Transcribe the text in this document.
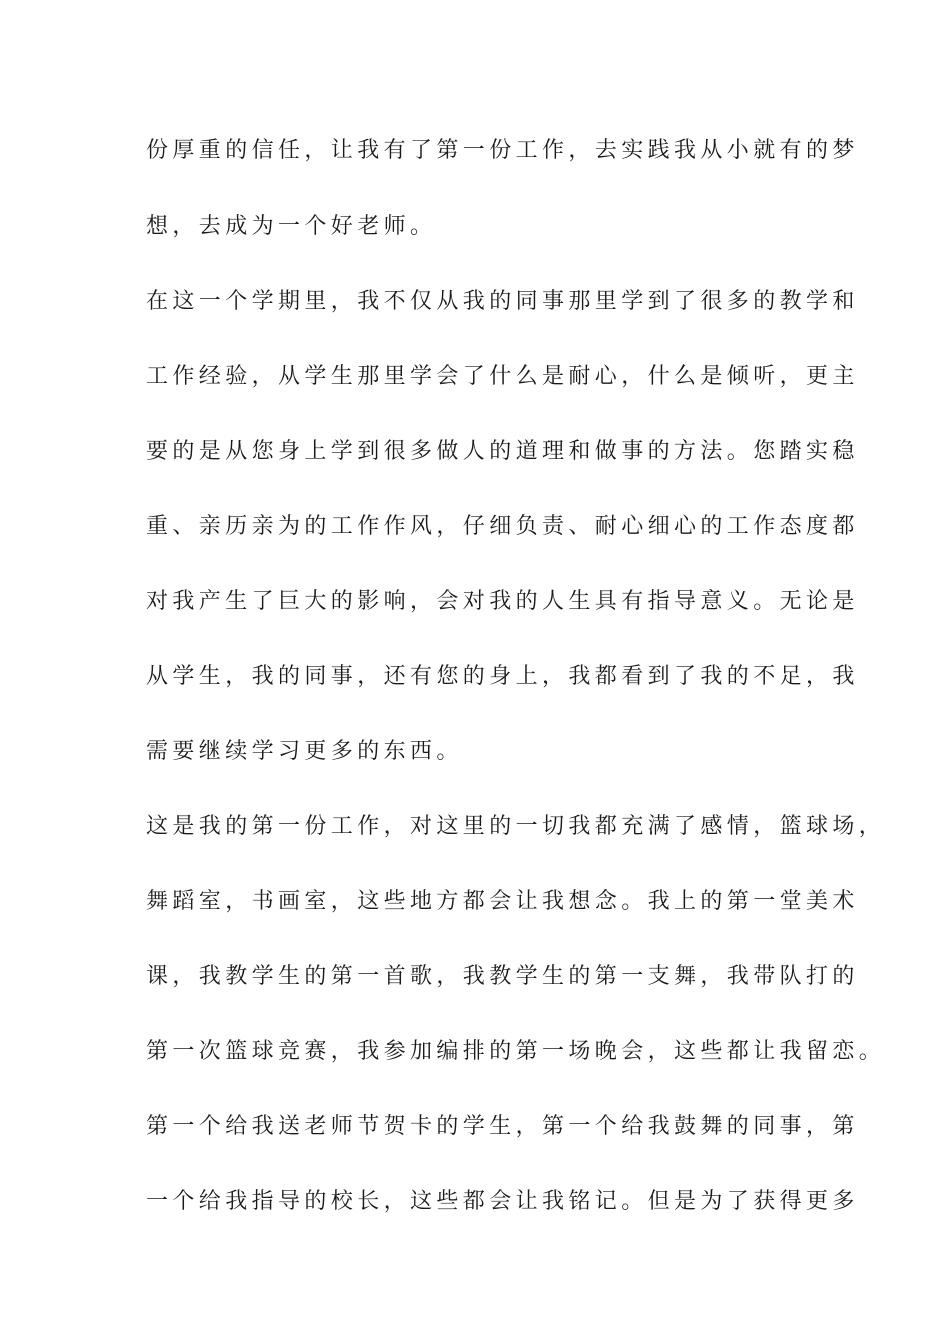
份厚重的信任，让我有了第一份工作，去实践我从小就有的梦
想，去成为一个好老师。
在这一个学期里，我不仅从我的同事那里学到了很多的教学和
工作经验，从学生那里学会了什么是耐心，什么是倾听，更主
要的是从您身上学到很多做人的道理和做事的方法。您踏实稳
重、亲历亲为的工作作风，仔细负责、耐心细心的工作态度都
对我产生了巨大的影响，会对我的人生具有指导意义。无论是
从学生，我的同事，还有您的身上，我都看到了我的不足，我
需要继续学习更多的东西。
这是我的第一份工作，对这里的一切我都充满了感情，篮球场，
舞蹈室，书画室，这些地方都会让我想念。我上的第一堂美术
课，我教学生的第一首歌，我教学生的第一支舞，我带队打的
第一次篮球竞赛，我参加编排的第一场晚会，这些都让我留恋。
第一个给我送老师节贺卡的学生，第一个给我鼓舞的同事，第
一个给我指导的校长，这些都会让我铭记。但是为了获得更多
